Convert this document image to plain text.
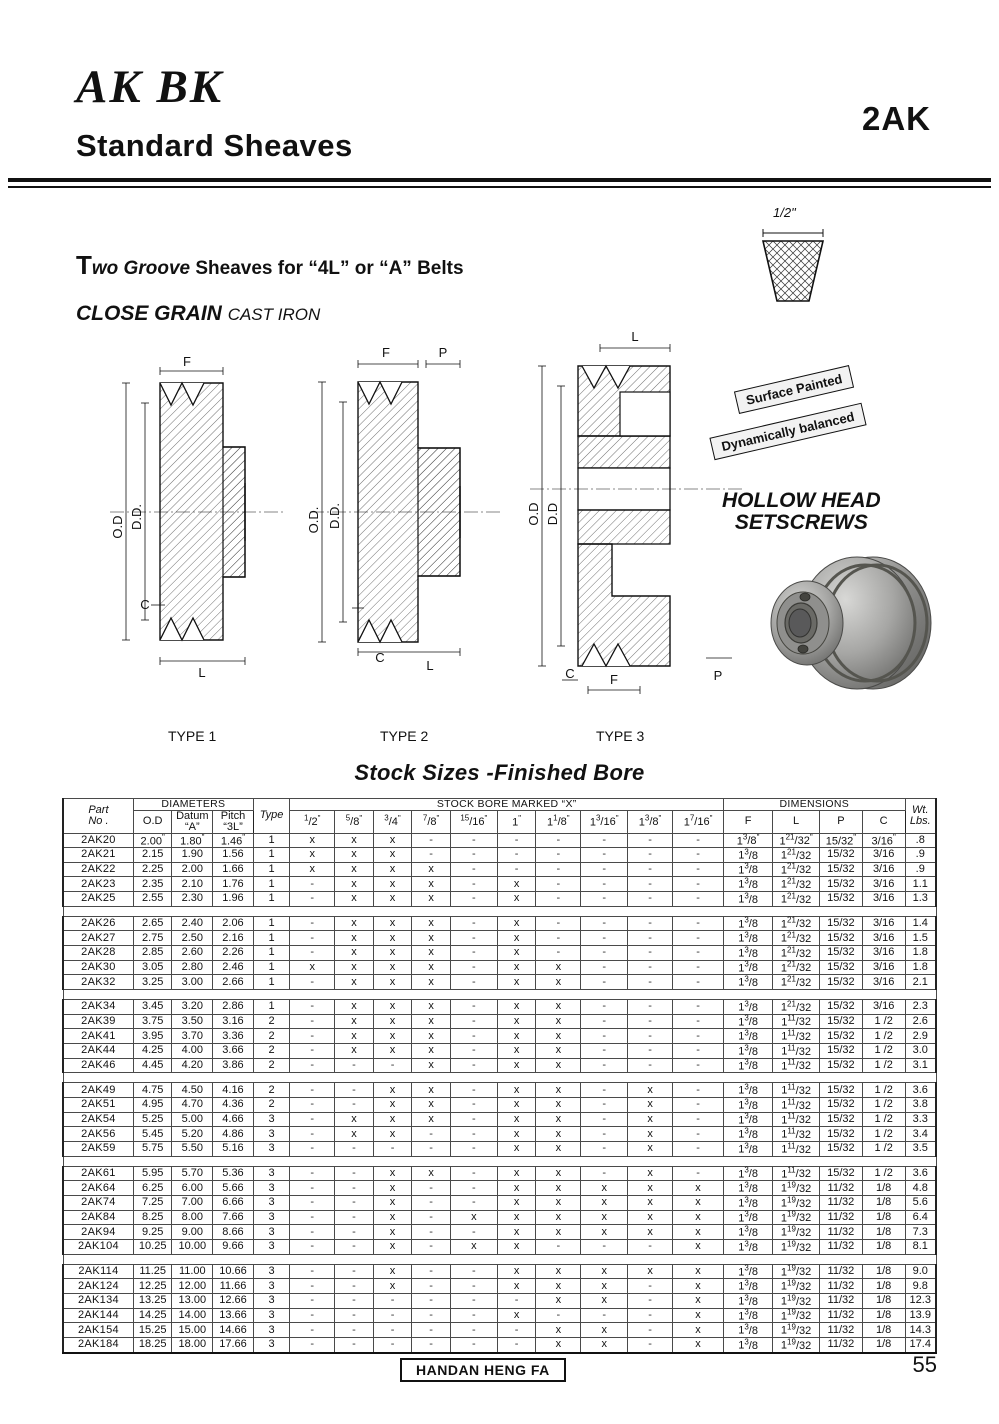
AK BK
Standard Sheaves
2AK
Two Groove Sheaves for “4L” or “A” Belts
CLOSE GRAIN CAST IRON
1/2"
Surface Painted
Dynamically balanced
HOLLOW HEAD
SETSCREWS
O.D D.D.
F
C
L
O.D. D.D.
F	P
C
L
L
O.D D.D
C	F	P
TYPE 1	TYPE 2	TYPE 3
Stock Sizes -Finished Bore
Part
No .
	DIAMETERS	Type	STOCK BORE MARKED “X”	DIMENSIONS	Wt.
Lbs.

O.D	Datum
“A”

Pitch
“3L”
	$^1$/2"	$^5$/8"	$^3$/4"	$^7$/8"	$^{15}$/16"	1"	$1^1/8^"$	$1^3/16^"$	$1^3/8^"$	$1^7/16^"$	F	L	P	C
2AK20	2.00"	1.80"	1.46"	1	x	x	x	-	-	-	-	-	-	-	$1^3/8^"$	$1^{21}/32^"$	15/32"	3/16"	.8
2AK21	2.15	1.90	1.56	1	x	x	x	-	-	-	-	-	-	-	$1^3/8$	$1^{21}/32$	15/32	3/16	.9
2AK22	2.25	2.00	1.66	1	x	x	x	x	-	-	-	-	-	-	$1^3/8$	$1^{21}/32$	15/32	3/16	.9
2AK23	2.35	2.10	1.76	1	-	x	x	x	-	x	-	-	-	-	$1^3/8$	$1^{21}/32$	15/32	3/16	1.1
2AK25	2.55	2.30	1.96	1	-	x	x	x	-	x	-	-	-	-	$1^3/8$	$1^{21}/32$	15/32	3/16	1.3

2AK26	2.65	2.40	2.06	1	-	x	x	x	-	x	-	-	-	-	$1^3/8$	$1^{21}/32$	15/32	3/16	1.4
2AK27	2.75	2.50	2.16	1	-	x	x	x	-	x	-	-	-	-	$1^3/8$	$1^{21}/32$	15/32	3/16	1.5
2AK28	2.85	2.60	2.26	1	-	x	x	x	-	x	-	-	-	-	$1^3/8$	$1^{21}/32$	15/32	3/16	1.8
2AK30	3.05	2.80	2.46	1	x	x	x	x	-	x	x	-	-	-	$1^3/8$	$1^{21}/32$	15/32	3/16	1.8
2AK32	3.25	3.00	2.66	1	-	x	x	x	-	x	x	-	-	-	$1^3/8$	$1^{21}/32$	15/32	3/16	2.1

2AK34	3.45	3.20	2.86	1	-	x	x	x	-	x	x	-	-	-	$1^3/8$	$1^{21}/32$	15/32	3/16	2.3
2AK39	3.75	3.50	3.16	2	-	x	x	x	-	x	x	-	-	-	$1^3/8$	$1^{11}/32$	15/32	1 /2	2.6
2AK41	3.95	3.70	3.36	2	-	x	x	x	-	x	x	-	-	-	$1^3/8$	$1^{11}/32$	15/32	1 /2	2.9
2AK44	4.25	4.00	3.66	2	-	x	x	x	-	x	x	-	-	-	$1^3/8$	$1^{11}/32$	15/32	1 /2	3.0
2AK46	4.45	4.20	3.86	2	-	-	-	x	-	x	x	-	-	-	$1^3/8$	$1^{11}/32$	15/32	1 /2	3.1

2AK49	4.75	4.50	4.16	2	-	-	x	x	-	x	x	-	x	-	$1^3/8$	$1^{11}/32$	15/32	1 /2	3.6
2AK51	4.95	4.70	4.36	2	-	-	x	x	-	x	x	-	x	-	$1^3/8$	$1^{11}/32$	15/32	1 /2	3.8
2AK54	5.25	5.00	4.66	3	-	x	x	x	-	x	x	-	x	-	$1^3/8$	$1^{11}/32$	15/32	1 /2	3.3
2AK56	5.45	5.20	4.86	3	-	x	x	-	-	x	x	-	x	-	$1^3/8$	$1^{11}/32$	15/32	1 /2	3.4
2AK59	5.75	5.50	5.16	3	-	-	-	-	-	x	x	-	x	-	$1^3/8$	$1^{11}/32$	15/32	1 /2	3.5

2AK61	5.95	5.70	5.36	3	-	-	x	x	-	x	x	-	x	-	$1^3/8$	$1^{11}/32$	15/32	1 /2	3.6
2AK64	6.25	6.00	5.66	3	-	-	x	-	-	x	x	x	x	x	$1^3/8$	$1^{19}/32$	11/32	1/8	4.8
2AK74	7.25	7.00	6.66	3	-	-	x	-	-	x	x	x	x	x	$1^3/8$	$1^{19}/32$	11/32	1/8	5.6
2AK84	8.25	8.00	7.66	3	-	-	x	-	x	x	x	x	x	x	$1^3/8$	$1^{19}/32$	11/32	1/8	6.4
2AK94	9.25	9.00	8.66	3	-	-	x	-	-	x	x	x	x	x	$1^3/8$	$1^{19}/32$	11/32	1/8	7.3
2AK104	10.25	10.00	9.66	3	-	-	x	-	x	x	-	-	-	x	$1^3/8$	$1^{19}/32$	11/32	1/8	8.1

2AK114	11.25	11.00	10.66	3	-	-	x	-	-	x	x	x	x	x	$1^3/8$	$1^{19}/32$	11/32	1/8	9.0
2AK124	12.25	12.00	11.66	3	-	-	x	-	-	x	x	x	-	x	$1^3/8$	$1^{19}/32$	11/32	1/8	9.8
2AK134	13.25	13.00	12.66	3	-	-	-	-	-	-	x	x	-	x	$1^3/8$	$1^{19}/32$	11/32	1/8	12.3
2AK144	14.25	14.00	13.66	3	-	-	-	-	-	x	-	-	-	x	$1^3/8$	$1^{19}/32$	11/32	1/8	13.9
2AK154	15.25	15.00	14.66	3	-	-	-	-	-	-	x	x	-	x	$1^3/8$	$1^{19}/32$	11/32	1/8	14.3
2AK184	18.25	18.00	17.66	3	-	-	-	-	-	-	x	x	-	x	$1^3/8$	$1^{19}/32$	11/32	1/8	17.4
HANDAN HENG FA	55
